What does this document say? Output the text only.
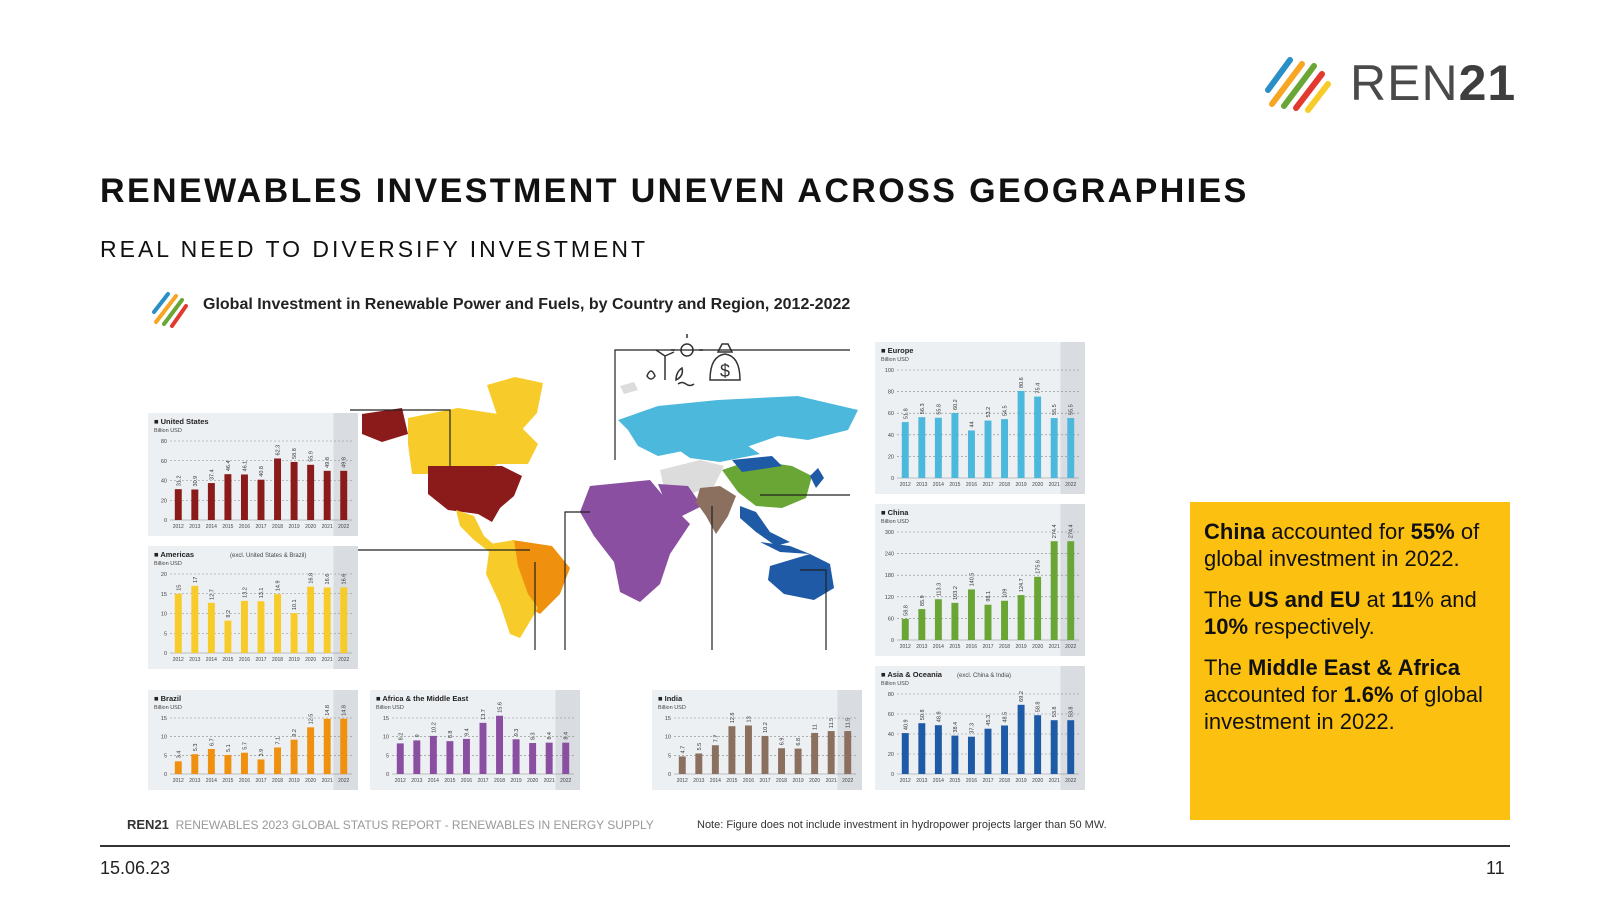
REN21
RENEWABLES INVESTMENT UNEVEN ACROSS GEOGRAPHIES
REAL NEED TO DIVERSIFY INVESTMENT
Global Investment in Renewable Power and Fuels, by Country and Region, 2012-2022
$
■ United States
Billion USD
0
20
40
60
80
31.2
2012
30.9
2013
37.4
2014
46.4
2015
46.1
2016
40.8
2017
62.3
2018
58.8
2019
55.9
2020
49.8
2021
49.8
2022
■ Americas	(excl. United States & Brazil)
Billion USD
0
5
10
15
20
15
2012
17
2013
12.7
2014
8.2
2015
13.2
2016
13.1
2017
14.9
2018
10.1
2019
16.8
2020
16.6
2021
16.6
2022
■ Brazil
Billion USD
0
5
10
15
3.4
2012
5.3
2013
6.7
2014
5.1
2015
5.7
2016
3.9
2017
7.1
2018
9.2
2019
12.5
2020
14.8
2021
14.8
2022
■ Africa & the Middle East
Billion USD
0
5
10
15
8.2
2012
9
2013
10.2
2014
8.8
2015
9.4
2016
13.7
2017
15.6
2018
9.3
2019
8.3
2020
8.4
2021
8.4
2022
■ India
Billion USD
0
5
10
15
4.7
2012
5.5
2013
7.7
2014
12.8
2015
13
2016
10.2
2017
6.9
2018
6.8
2019
11
2020
11.5
2021
11.5
2022
■ Europe
Billion USD
0
20
40
60
80
100
51.8
2012
56.3
2013
55.8
2014
60.2
2015
44
2016
53.2
2017
54.5
2018
80.6
2019
75.4
2020
55.5
2021
55.5
2022
■ China
Billion USD
0
60
120
180
240
300
58.8
2012
85.9
2013
113.3
2014
103.2
2015
140.5
2016
98.1
2017
109
2018
124.7
2019
175.6
2020
274.4
2021
274.4
2022
■ Asia & Oceania	(excl. China & India)
Billion USD
0
20
40
60
80
40.9
2012
50.8
2013
48.8
2014
38.4
2015
37.3
2016
45.3
2017
48.5
2018
69.2
2019
58.8
2020
53.8
2021
53.8
2022
REN21 RENEWABLES 2023 GLOBAL STATUS REPORT - RENEWABLES IN ENERGY SUPPLY	Note: Figure does not include investment in hydropower projects larger than 50 MW.

China accounted for 55% of global investment in 2022.

The US and EU at 11% and 10% respectively.

The Middle East & Africa accounted for 1.6% of global investment in 2022.

15.06.23	11
